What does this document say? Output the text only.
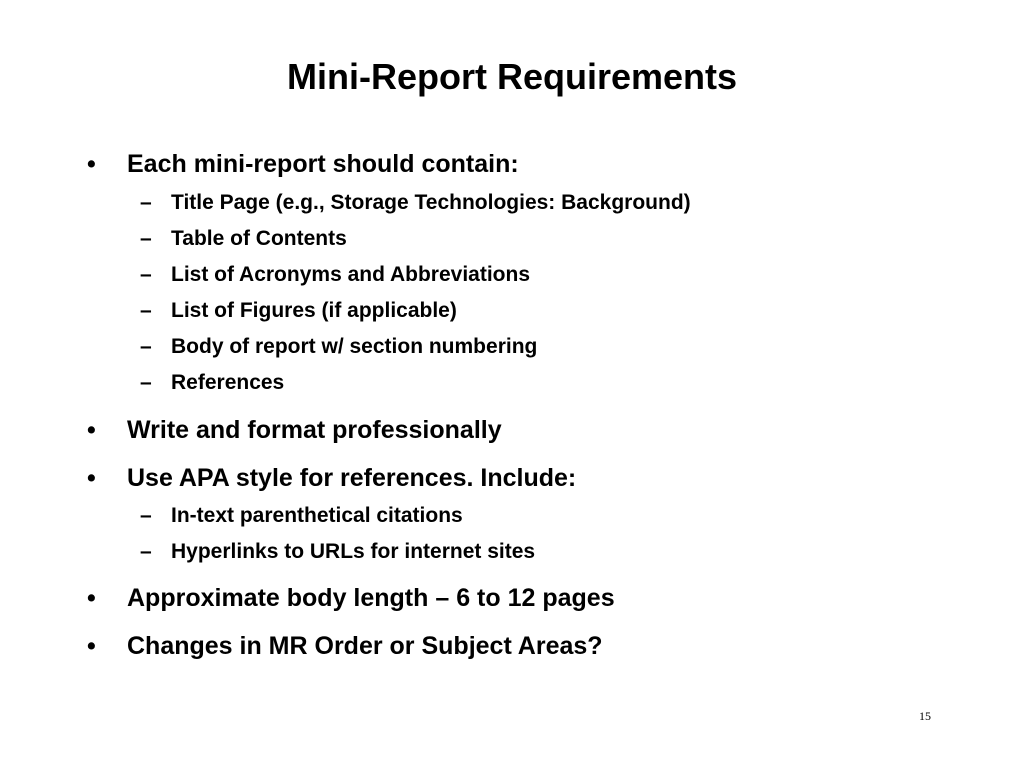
Mini-Report Requirements
• Each mini-report should contain:
– Title Page (e.g., Storage Technologies: Background)
– Table of Contents
– List of Acronyms and Abbreviations
– List of Figures (if applicable)
– Body of report w/ section numbering
– References
• Write and format professionally
• Use APA style for references. Include:
– In-text parenthetical citations
– Hyperlinks to URLs for internet sites
• Approximate body length – 6 to 12 pages
• Changes in MR Order or Subject Areas?
15
